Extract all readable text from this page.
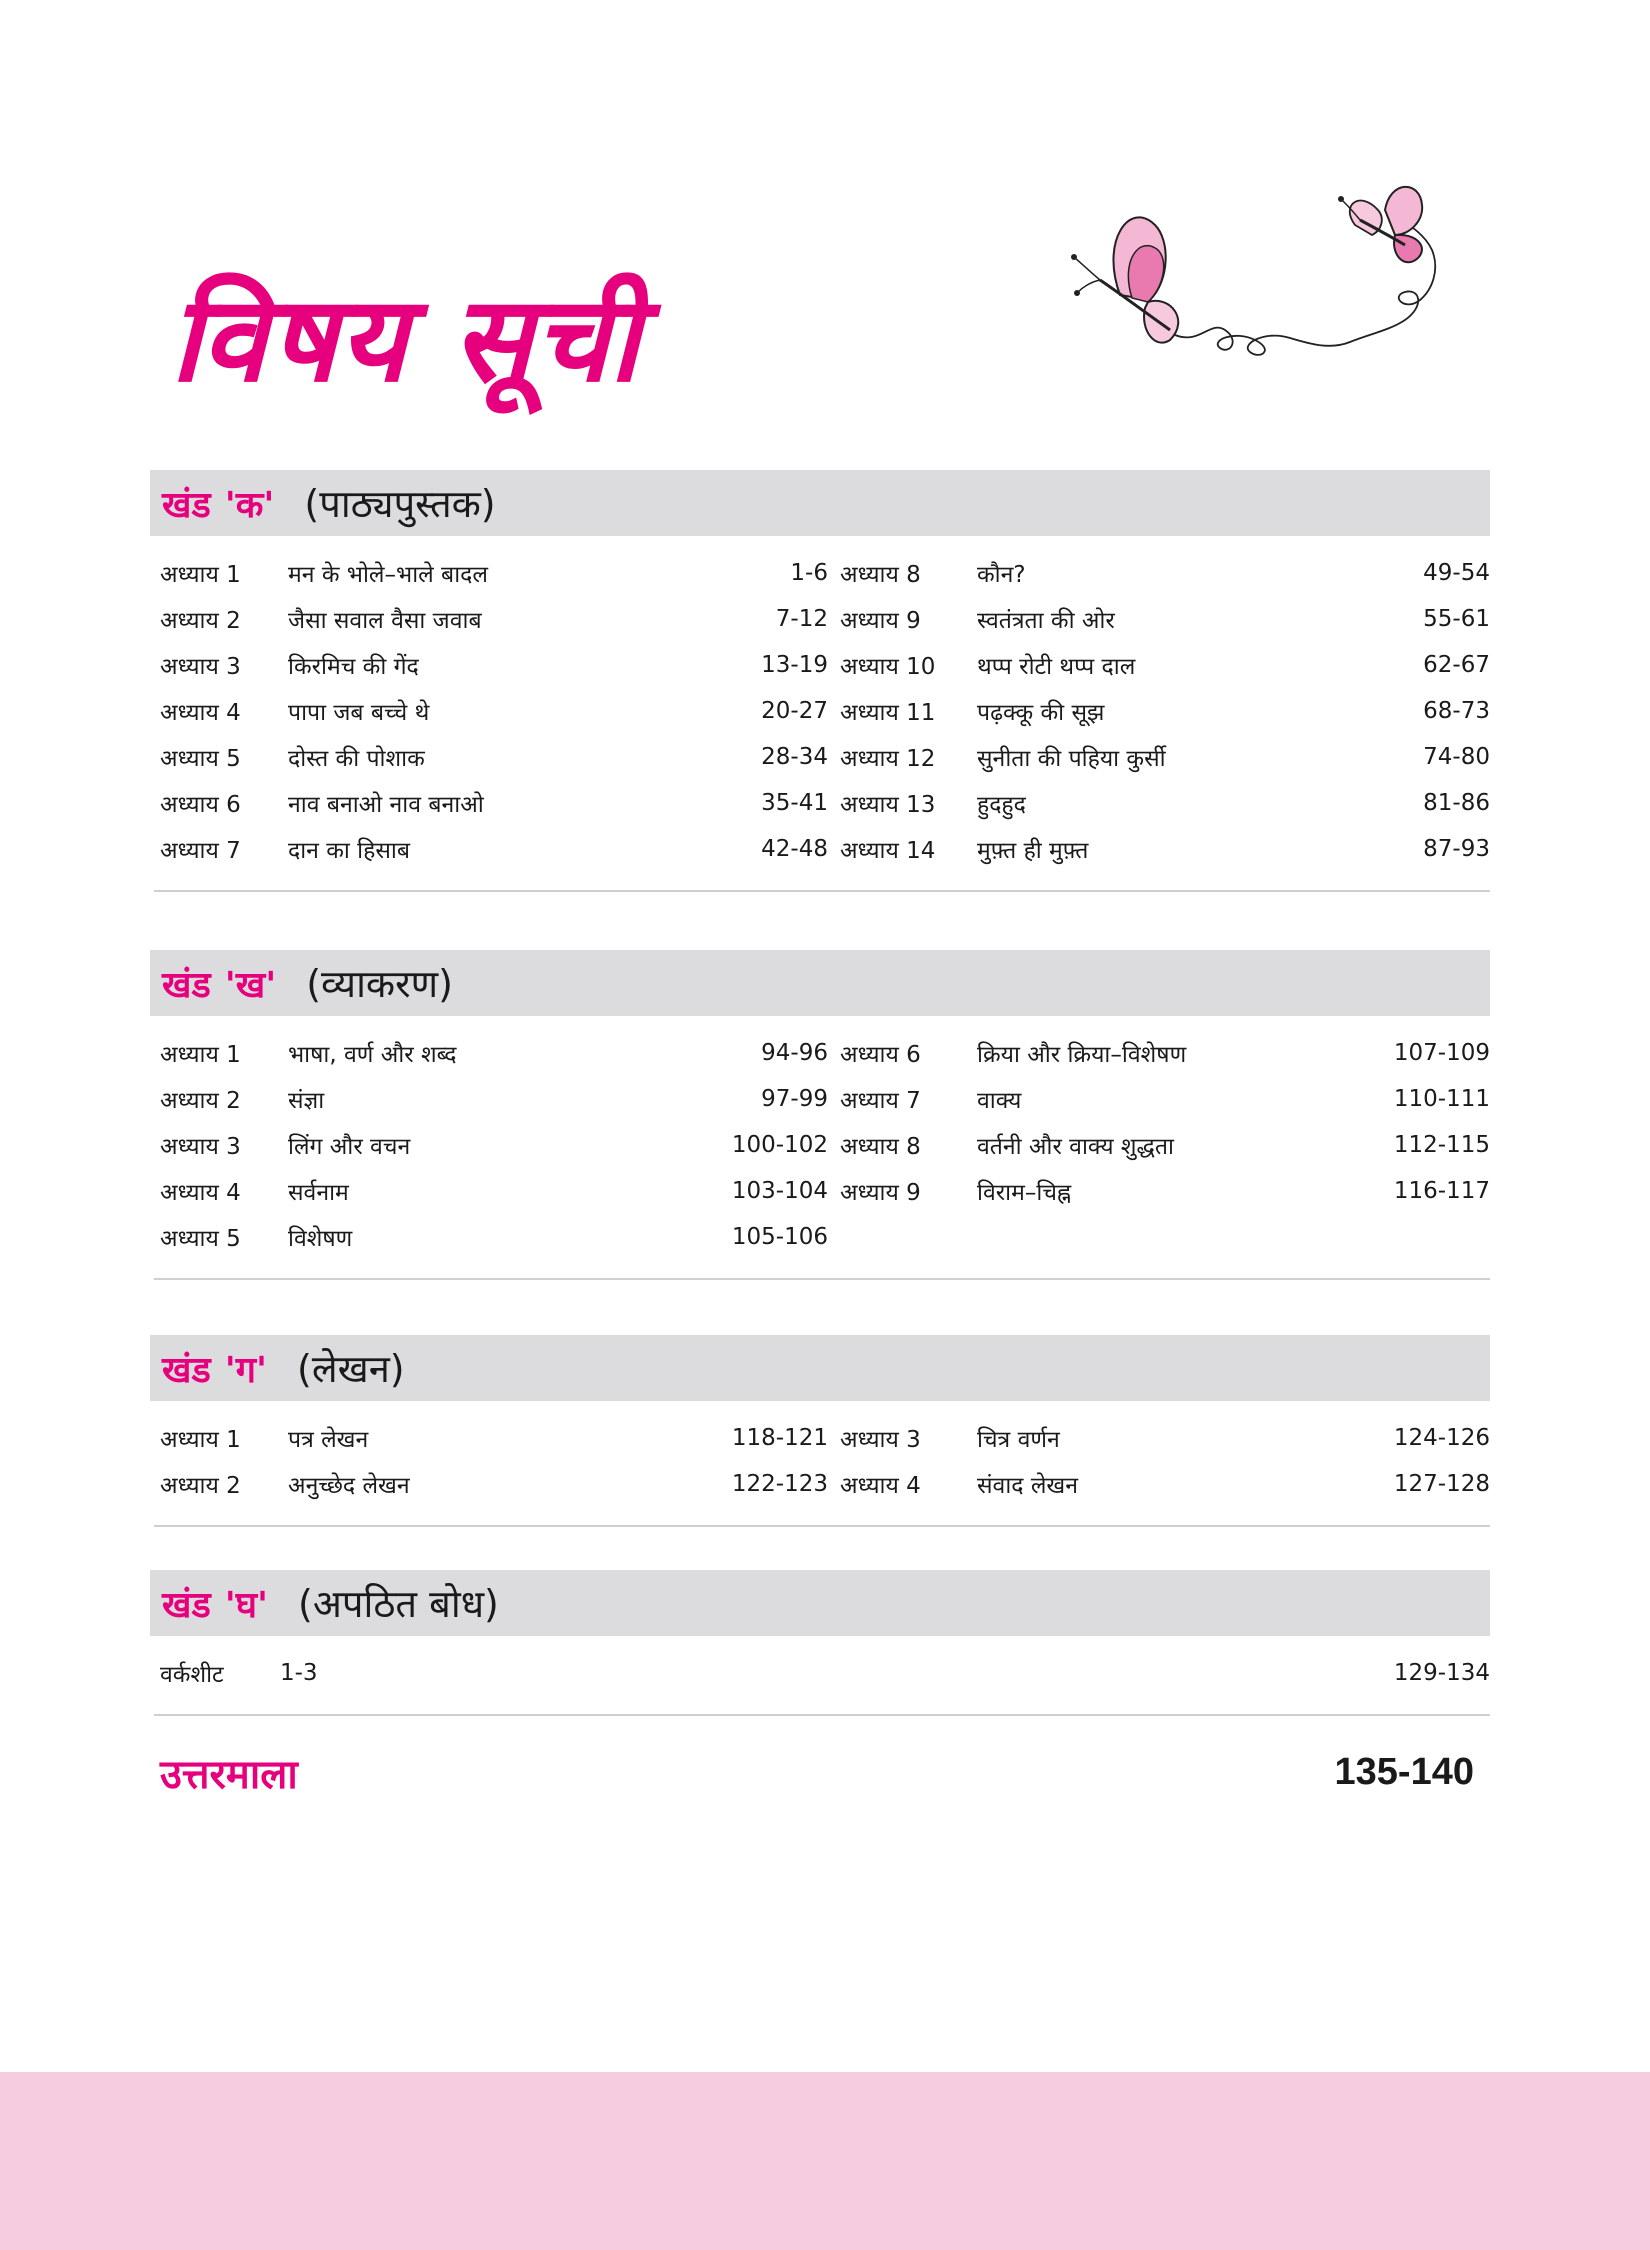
विषय सूची
खंड 'क' (पाठ्यपुस्तक)
अध्याय 1	मन के भोले–भाले बादल	1-6
अध्याय 2	जैसा सवाल वैसा जवाब	7-12
अध्याय 3	किरमिच की गेंद	13-19
अध्याय 4	पापा जब बच्चे थे	20-27
अध्याय 5	दोस्त की पोशाक	28-34
अध्याय 6	नाव बनाओ नाव बनाओ	35-41
अध्याय 7	दान का हिसाब	42-48
अध्याय 8	कौन?	49-54
अध्याय 9	स्वतंत्रता की ओर	55-61
अध्याय 10	थप्प रोटी थप्प दाल	62-67
अध्याय 11	पढ़क्कू की सूझ	68-73
अध्याय 12	सुनीता की पहिया कुर्सी	74-80
अध्याय 13	हुदहुद	81-86
अध्याय 14	मुफ़्त ही मुफ़्त	87-93
खंड 'ख' (व्याकरण)
अध्याय 1	भाषा, वर्ण और शब्द	94-96
अध्याय 2	संज्ञा	97-99
अध्याय 3	लिंग और वचन	100-102
अध्याय 4	सर्वनाम	103-104
अध्याय 5	विशेषण	105-106
अध्याय 6	क्रिया और क्रिया–विशेषण	107-109
अध्याय 7	वाक्य	110-111
अध्याय 8	वर्तनी और वाक्य शुद्धता	112-115
अध्याय 9	विराम–चिह्न	116-117
खंड 'ग' (लेखन)
अध्याय 1	पत्र लेखन	118-121
अध्याय 2	अनुच्छेद लेखन	122-123
अध्याय 3	चित्र वर्णन	124-126
अध्याय 4	संवाद लेखन	127-128
खंड 'घ' (अपठित बोध)
वर्कशीट	1-3	129-134
उत्तरमाला	135-140
